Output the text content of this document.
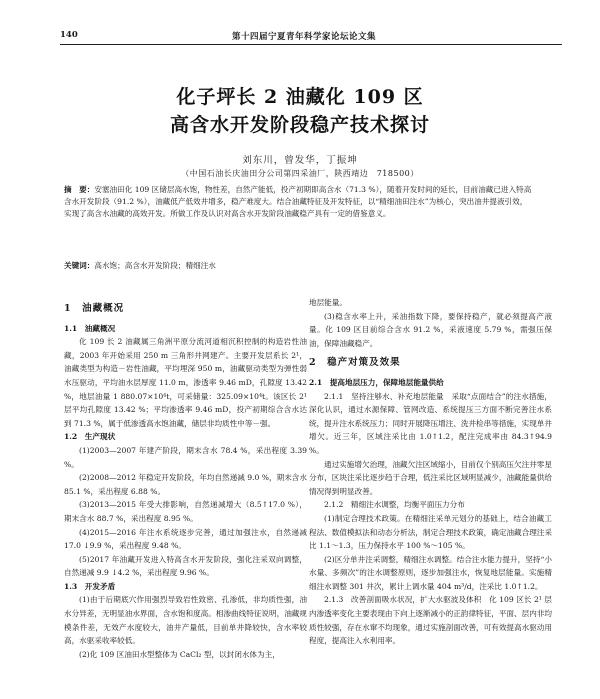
140	第十四届宁夏青年科学家论坛论文集
化子坪长 2 油藏化 109 区
高含水开发阶段稳产技术探讨
刘东川，曾发华，丁振坤
（中国石油长庆油田分公司第四采油厂，陕西靖边　718500）
摘　要：安塞油田化 109 区储层高水饱，物性差，自然产能低，投产初期即高含水（71.3 %），随着开发时间的延长，目前油藏已进入特高含水开发阶段（91.2 %），油藏低产低效井增多，稳产难度大。结合油藏特征及开发特征，以“精细油田注水”为核心，突出油井提液引效，实现了高含水油藏的高效开发。所做工作及认识对高含水开发阶段油藏稳产具有一定的借鉴意义。
关键词：高水饱；高含水开发阶段；精细注水
1　油藏概况
1.1　油藏概况

化 109 长 2 油藏属三角洲平原分流河道相沉积控制的构造岩性油藏，2003 年开始采用 250 m 三角形井网建产。主要开发层系长 2¹，油藏类型为构造－岩性油藏，平均埋深 950 m，油藏驱动类型为弹性弱水压驱动，平均油水层厚度 11.0 m，渗透率 9.46 mD，孔隙度 13.42 %，地层油量 1 880.07×10⁴t，可采储量：325.09×10⁴t。该区长 2¹ 层平均孔隙度 13.42 %；平均渗透率 9.46 mD，投产初期综合含水达到 71.3 %，属于低渗透高水饱油藏，储层非均质性中等－强。

1.2　生产现状

(1)2003—2007 年建产阶段，期末含水 78.4 %，采出程度 3.39 %。

(2)2008—2012 年稳定开发阶段，年均自然递减 9.0 %，期末含水 85.1 %，采出程度 6.88 %。

(3)2013—2015 年受大排影响，自然递减增大（8.5↑17.0 %），期末含水 88.7 %，采出程度 8.95 %。

(4)2015—2016 年注水系统逐步完善，通过加强注水，自然递减 17.0 ↓9.9 %，采出程度 9.48 %。

(5)2017 年油藏开发进入特高含水开发阶段，强化注采双向调整，自然递减 9.9 ↓4.2 %，采出程度 9.96 %。

1.3　开发矛盾

(1)由于后期底穴作用强烈导致岩性致密、孔渗低，非均质性强，油水分异差，无明显油水界面，含水饱和度高。相渗曲线特征说明，油藏规模条件差，无效产水度较大，油井产量低，目前单井降较快，含水率较高，水驱采收率较低。

(2)化 109 区油田水型整体为 CaCl₂ 型，以封闭水体为主，

地层能量。

(3)稳含水率上升，采油指数下降，要保持稳产，就必须提高产液量。化 109 区目前综合含水 91.2 %，采液速度 5.79 %，需强压保油，保障油藏稳产。

2　稳产对策及效果
2.1　提高地层压力，保障地层能量供给

2.1.1　坚持注够水、补充地层能量　采取“点面结合”的注水措施，深化认识，通过水源保障、管网改造、系统提压三方面不断完善注水系统，提升注水系统压力；同时开展降压增注、洗井检串等措施，实现单井增欠。近三年，区域注采比由 1.0↑1.2，配注完成率由 84.3↑94.9 %。

通过实施增欠治理，油藏欠注区域缩小，目前仅个别高压欠注井零星分布，区块注采比逐步趋于合理，低注采比区域明显减少，油藏能量供给情况得到明显改善。

2.1.2　精细注水调整，均衡平面压力分布

(1)制定合理技术政策。在精细注采单元划分的基础上，结合油藏工程法、数值模拟法和动态分析法，制定合理技术政策，确定油藏合理注采比 1.1～1.3，压力保持水平 100 %～105 %。

(2)区分单井注采调整，精细注水调整。结合注水能力提升，坚持“小水量、多频次”的注水调整原则，逐步加强注水，恢复地层能量。实施精细注水调整 301 井次，累计上调水量 404 m³/d，注采比 1.0↑1.2。

2.1.3　改善剖面吸水状况，扩大水驱波及体积　化 109 区长 2¹ 层内渗透率变化主要表现由下向上逐渐减小的正韵律特征，平面、层内非均质性较强，存在水窜不均现象，通过实施剖面改善，可有效提高水驱动用程度，提高注入水利用率。
